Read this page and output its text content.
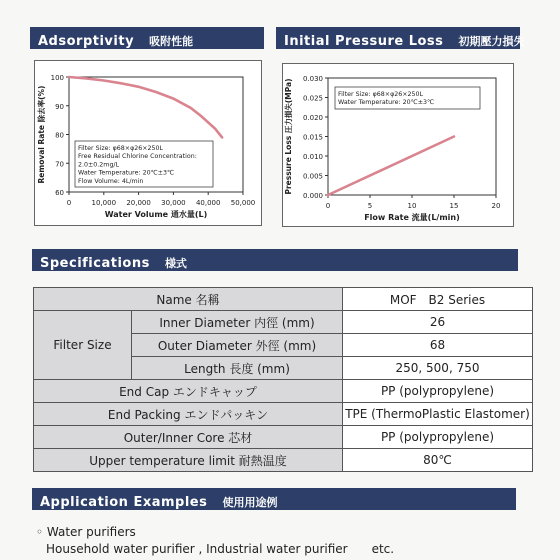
Adsorptivity 吸附性能	Initial Pressure Loss 初期壓力損失
60
70
80
90
100
0	10,000 20,000 30,000 40,000 50,000
Water Volume 通水量(L)
Removal Rate 除去率(%)	Filter Size: φ68×φ26×250L
Free Residual Chlorine Concentration:
2.0±0.2mg/L
Water Temperature: 20℃±3℃
Flow Volume: 4L/min
0.000
0.005
0.010
0.015
0.020
0.025
0.030
0	5	10	15	20
Flow Rate 流量(L/min)
Pressure Loss 圧力損失(MPa)	Filter Size: φ68×φ26×250L
Water Temperature: 20℃±3℃
Specifications 様式
Name 名稱		MOF　B2 Series
Filter Size	Inner Diameter 内徑 (mm)	26
	Outer Diameter 外徑 (mm)	68
	Length 長度 (mm)	250, 500, 750
End Cap エンドキャップ		PP (polypropylene)
End Packing エンドパッキン		TPE (ThermoPlastic Elastomer)
Outer/Inner Core 芯材		PP (polypropylene)
Upper temperature limit 耐熱温度		80℃
Application Examples 使用用途例
◦ Water purifiers
Household water purifier , Industrial water purifier　　etc.
